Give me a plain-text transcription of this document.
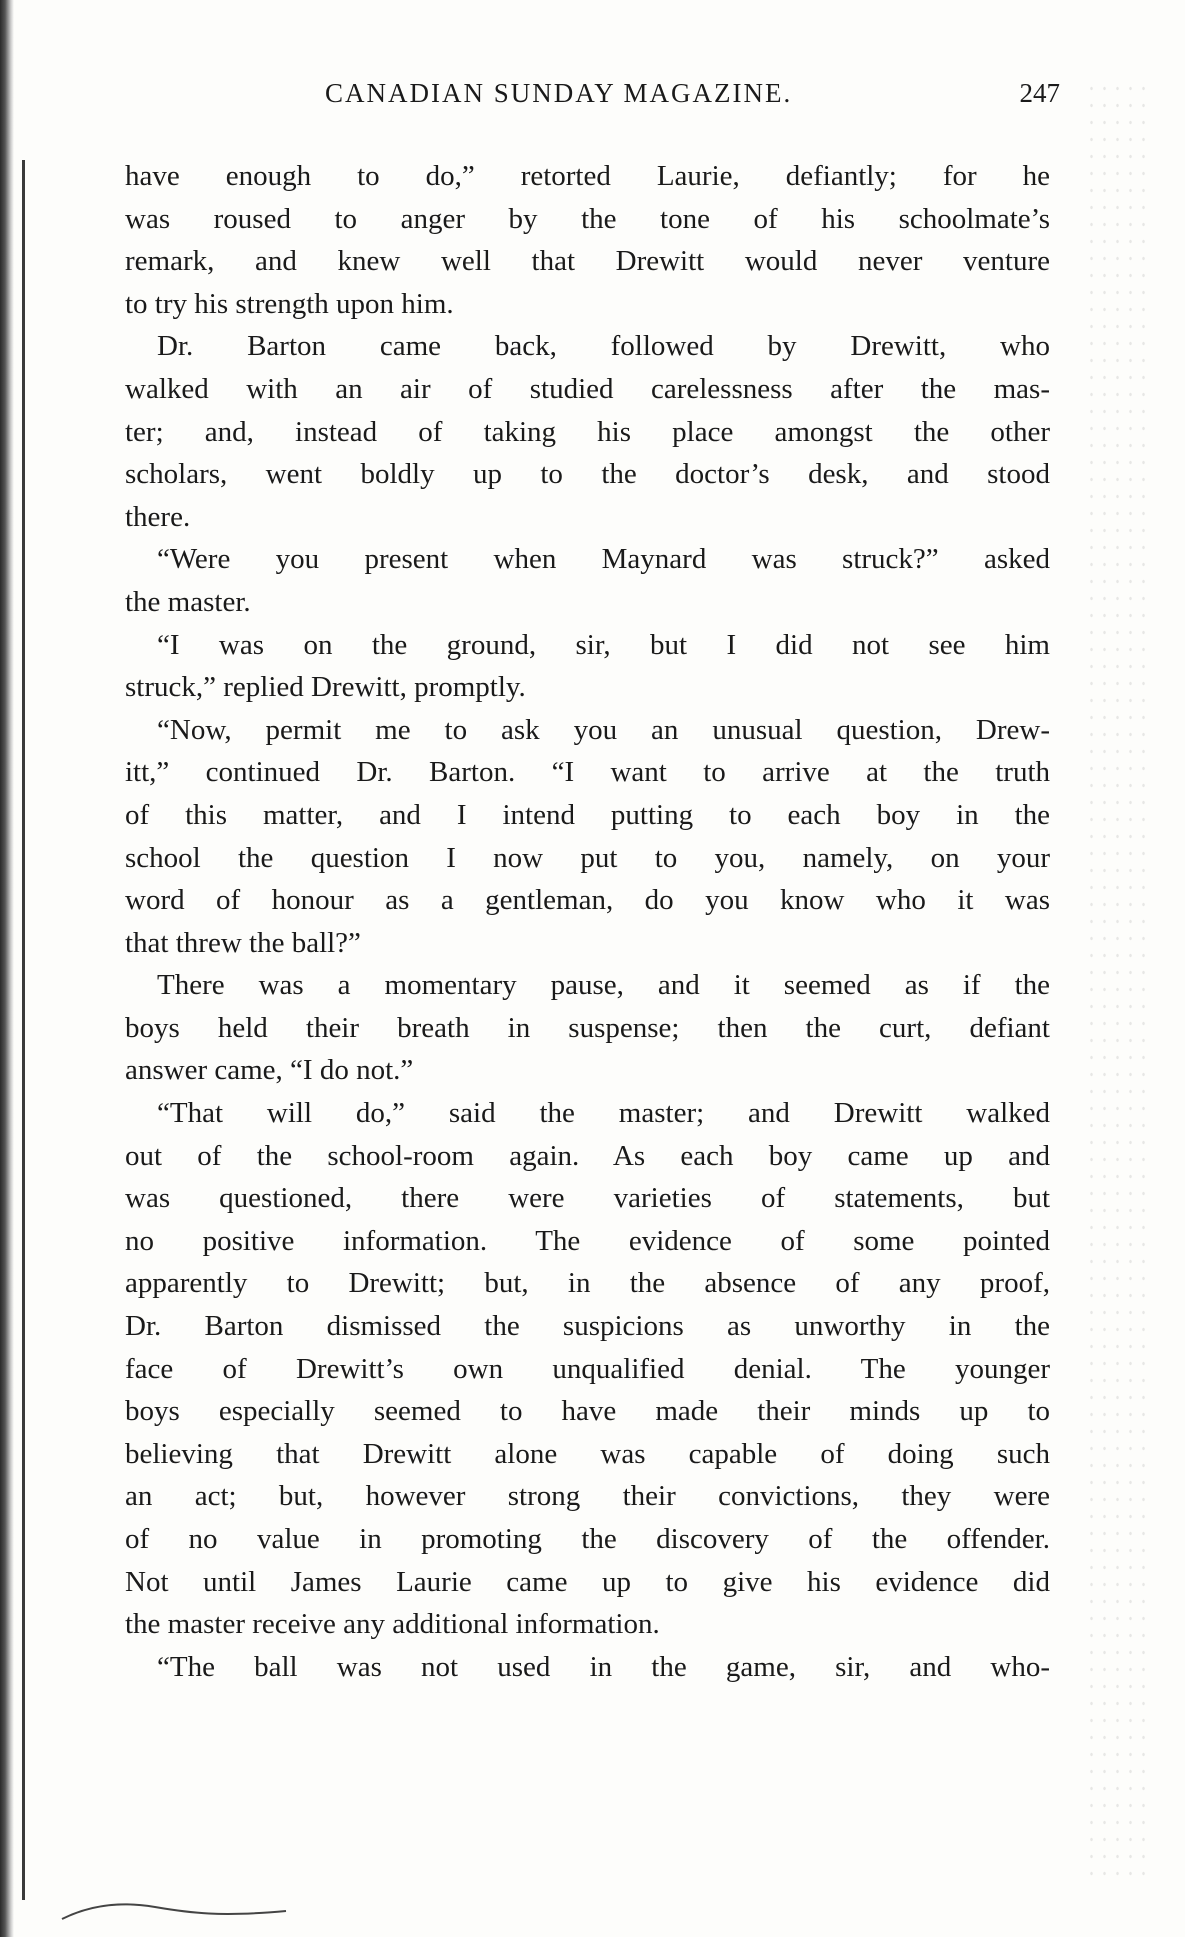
CANADIAN SUNDAY MAGAZINE.	247
have enough to do,” retorted Laurie, defiantly; for he
was roused to anger by the tone of his schoolmate’s
remark, and knew well that Drewitt would never venture
to try his strength upon him.
Dr. Barton came back, followed by Drewitt, who
walked with an air of studied carelessness after the mas-
ter; and, instead of taking his place amongst the other
scholars, went boldly up to the doctor’s desk, and stood
there.
“Were you present when Maynard was struck?” asked
the master.
“I was on the ground, sir, but I did not see him
struck,” replied Drewitt, promptly.
“Now, permit me to ask you an unusual question, Drew-
itt,” continued Dr. Barton. “I want to arrive at the truth
of this matter, and I intend putting to each boy in the
school the question I now put to you, namely, on your
word of honour as a gentleman, do you know who it was
that threw the ball?”
There was a momentary pause, and it seemed as if the
boys held their breath in suspense; then the curt, defiant
answer came, “I do not.”
“That will do,” said the master; and Drewitt walked
out of the school-room again. As each boy came up and
was questioned, there were varieties of statements, but
no positive information. The evidence of some pointed
apparently to Drewitt; but, in the absence of any proof,
Dr. Barton dismissed the suspicions as unworthy in the
face of Drewitt’s own unqualified denial. The younger
boys especially seemed to have made their minds up to
believing that Drewitt alone was capable of doing such
an act; but, however strong their convictions, they were
of no value in promoting the discovery of the offender.
Not until James Laurie came up to give his evidence did
the master receive any additional information.
“The ball was not used in the game, sir, and who-
